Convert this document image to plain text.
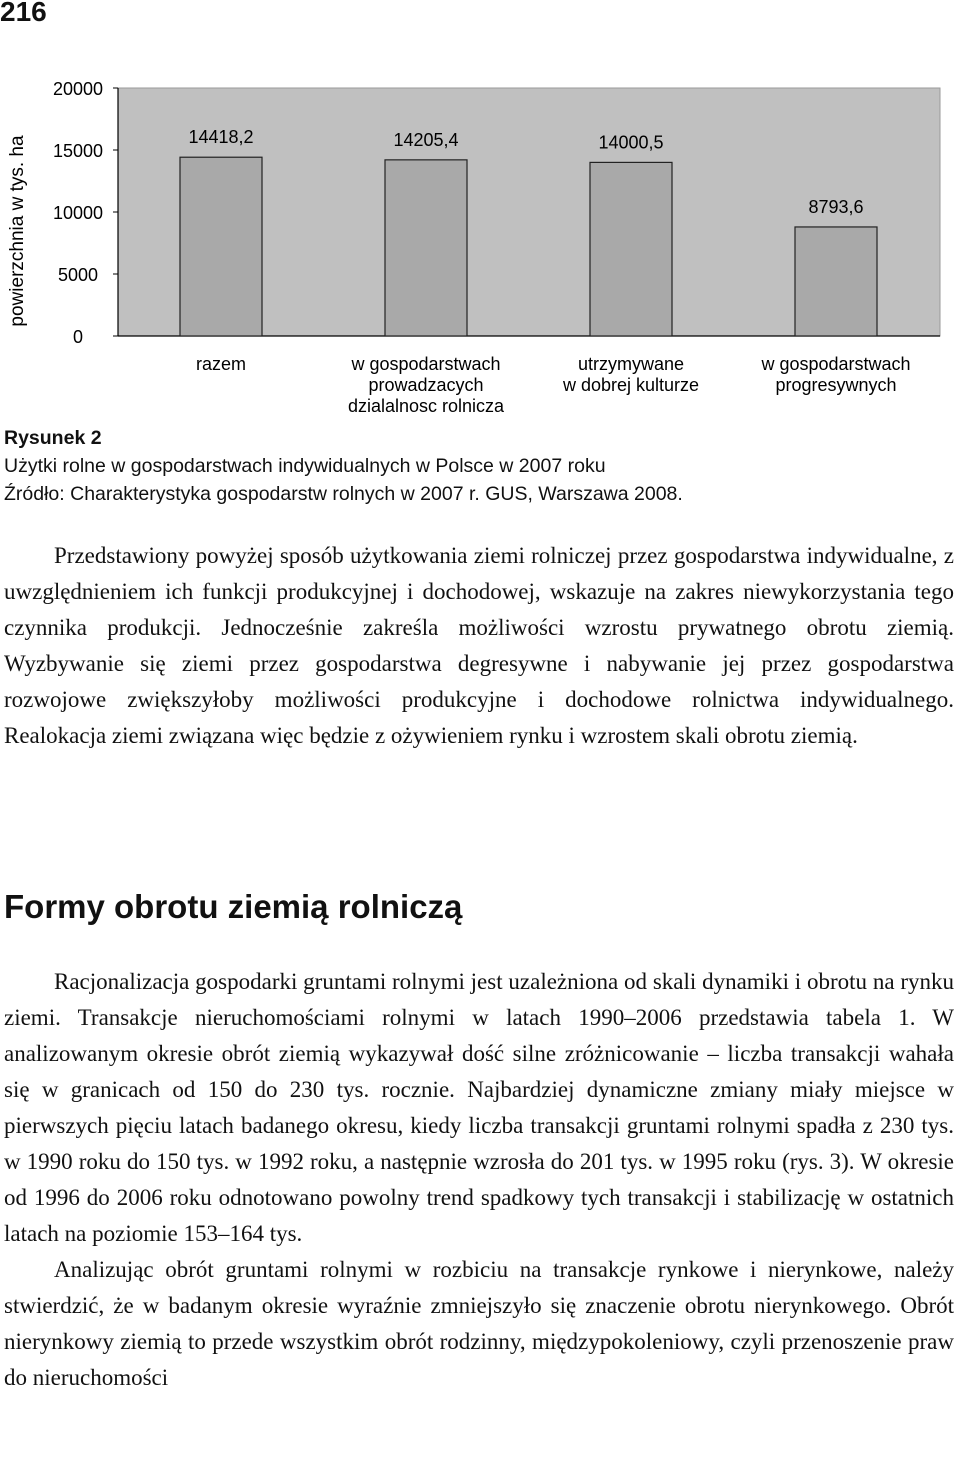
216
0
5000
10000
15000
20000
14418,2	14205,4	14000,5
8793,6
razem	w gospodarstwach prowadzacych dzialalnosc rolnicza
utrzymywane w dobrej kulturze
w gospodarstwach progresywnych
powierzchnia w tys. ha
Rysunek 2
Użytki rolne w gospodarstwach indywidualnych w Polsce w 2007 roku
Źródło: Charakterystyka gospodarstw rolnych w 2007 r. GUS, Warszawa 2008.

Przedstawiony powyżej sposób użytkowania ziemi rolniczej przez gospodarstwa indywidualne, z uwzględnieniem ich funkcji produkcyjnej i dochodowej, wskazuje na zakres niewykorzystania tego czynnika produkcji. Jednocześnie zakreśla możliwości wzrostu prywatnego obrotu ziemią. Wyzbywanie się ziemi przez gospodarstwa degresywne i nabywanie jej przez gospodarstwa rozwojowe zwiększyłoby możliwości produkcyjne i dochodowe rolnictwa indywidualnego. Realokacja ziemi związana więc będzie z ożywieniem rynku i wzrostem skali obrotu ziemią.

Formy obrotu ziemią rolniczą

Racjonalizacja gospodarki gruntami rolnymi jest uzależniona od skali dynamiki i obrotu na rynku ziemi. Transakcje nieruchomościami rolnymi w latach 1990–2006 przedstawia tabela 1. W analizowanym okresie obrót ziemią wykazywał dość silne zróżnicowanie – liczba transakcji wahała się w granicach od 150 do 230 tys. rocznie. Najbardziej dynamiczne zmiany miały miejsce w pierwszych pięciu latach badanego okresu, kiedy liczba transakcji gruntami rolnymi spadła z 230 tys. w 1990 roku do 150 tys. w 1992 roku, a następnie wzrosła do 201 tys. w 1995 roku (rys. 3). W okresie od 1996 do 2006 roku odnotowano powolny trend spadkowy tych transakcji i stabilizację w ostatnich latach na poziomie 153–164 tys.

Analizując obrót gruntami rolnymi w rozbiciu na transakcje rynkowe i nierynkowe, należy stwierdzić, że w badanym okresie wyraźnie zmniejszyło się znaczenie obrotu nierynkowego. Obrót nierynkowy ziemią to przede wszystkim obrót rodzinny, międzypokoleniowy, czyli przenoszenie praw do nieruchomości
